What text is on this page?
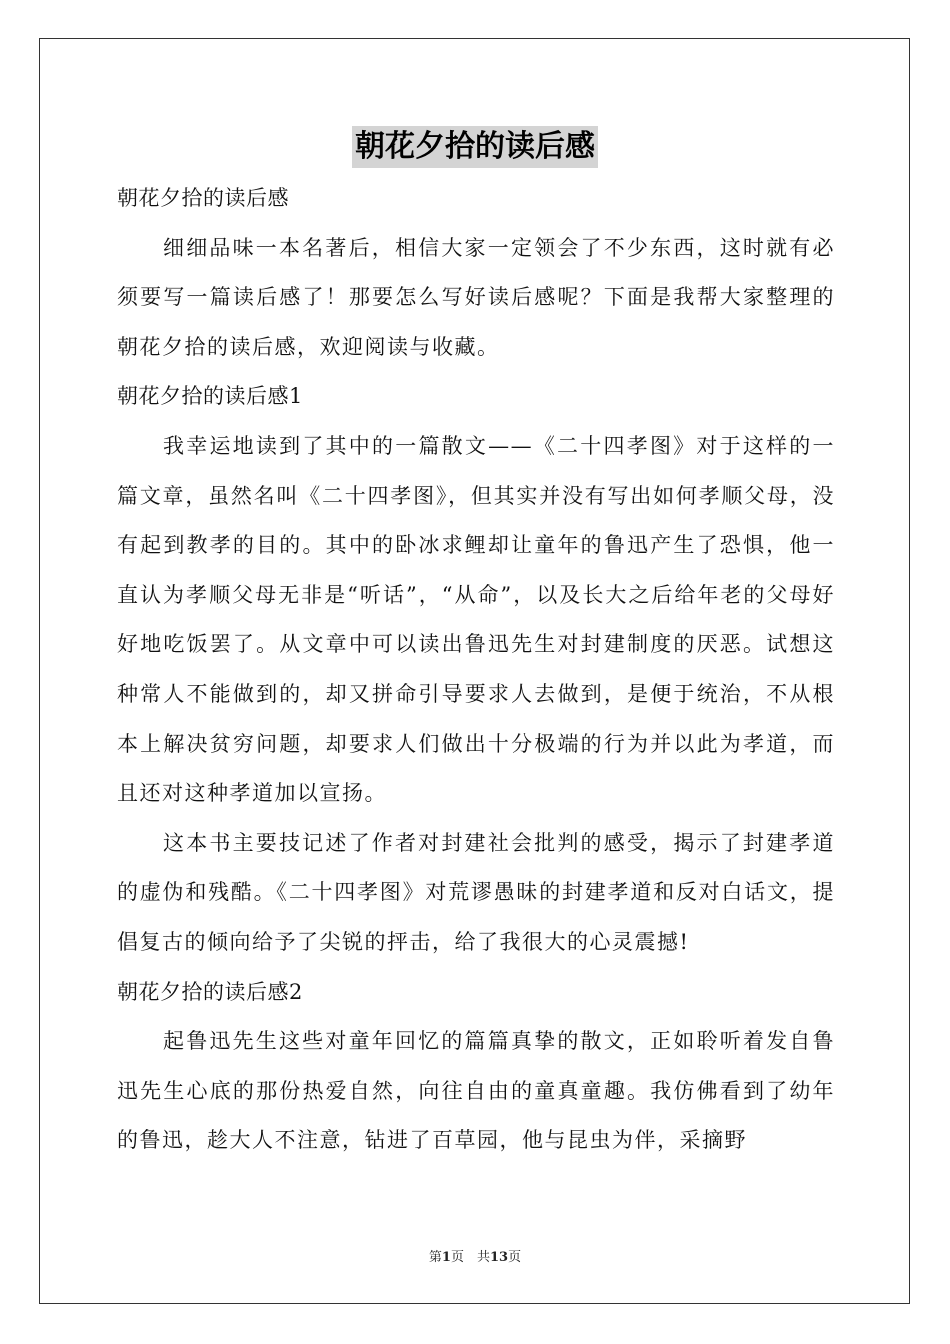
朝花夕拾的读后感

朝花夕拾的读后感

细细品味一本名著后，相信大家一定领会了不少东西，这时就有必须要写一篇读后感了！那要怎么写好读后感呢？下面是我帮大家整理的朝花夕拾的读后感，欢迎阅读与收藏。

朝花夕拾的读后感1

我幸运地读到了其中的一篇散文——《二十四孝图》对于这样的一篇文章，虽然名叫《二十四孝图》，但其实并没有写出如何孝顺父母，没有起到教孝的目的。其中的卧冰求鲤却让童年的鲁迅产生了恐惧，他一直认为孝顺父母无非是“听话”，“从命”，以及长大之后给年老的父母好好地吃饭罢了。从文章中可以读出鲁迅先生对封建制度的厌恶。试想这种常人不能做到的，却又拼命引导要求人去做到，是便于统治，不从根本上解决贫穷问题，却要求人们做出十分极端的行为并以此为孝道，而且还对这种孝道加以宣扬。

这本书主要技记述了作者对封建社会批判的感受，揭示了封建孝道的虚伪和残酷。《二十四孝图》对荒谬愚昧的封建孝道和反对白话文，提倡复古的倾向给予了尖锐的抨击，给了我很大的心灵震撼!

朝花夕拾的读后感2

起鲁迅先生这些对童年回忆的篇篇真挚的散文，正如聆听着发自鲁迅先生心底的那份热爱自然，向往自由的童真童趣。我仿佛看到了幼年的鲁迅，趁大人不注意，钻进了百草园，他与昆虫为伴，采摘野

第1页　共13页
